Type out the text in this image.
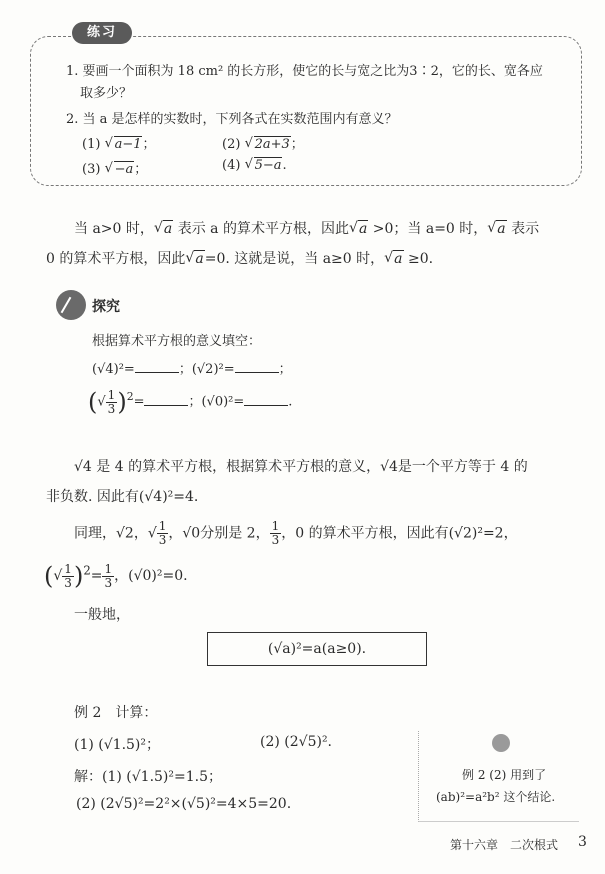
练习
1. 要画一个面积为 18 cm² 的长方形，使它的长与宽之比为3∶2，它的长、宽各应
取多少？
2. 当 a 是怎样的实数时，下列各式在实数范围内有意义？
(1) √ a−1；	(2) √ 2a+3；
(3) √ −a；	(4) √ 5−a.
当 a>0 时， √ a 表示 a 的算术平方根，因此 √ a >0；当 a=0 时， √ a 表示
0 的算术平方根，因此 √ a=0. 这就是说，当 a≥0 时， √ a ≥0.
探究
根据算术平方根的意义填空：
(√4)²=	；(√2)²=	；
(√ $\frac{1}{3} )^2=$	；(√0)²=	.
√4 是 4 的算术平方根，根据算术平方根的意义，√4是一个平方等于 4 的
非负数. 因此有(√4)²=4.
同理，√2，√ $\frac{1}{3}$ ，√0分别是 2， $\frac{1}{3}$ ，0 的算术平方根，因此有(√2)²=2，
(√ $\frac{1}{3} )^2= \frac{1}{3}$ ，(√0)²=0.
一般地，
(√a)²=a(a≥0).
例 2　计算：
(1) (√1.5)²；	(2) (2√5)².
解：(1) (√1.5)²=1.5；
(2) (2√5)²=2²×(√5)²=4×5=20.
例 2 (2) 用到了
(ab)²=a²b² 这个结论.
第十六章　二次根式 3
